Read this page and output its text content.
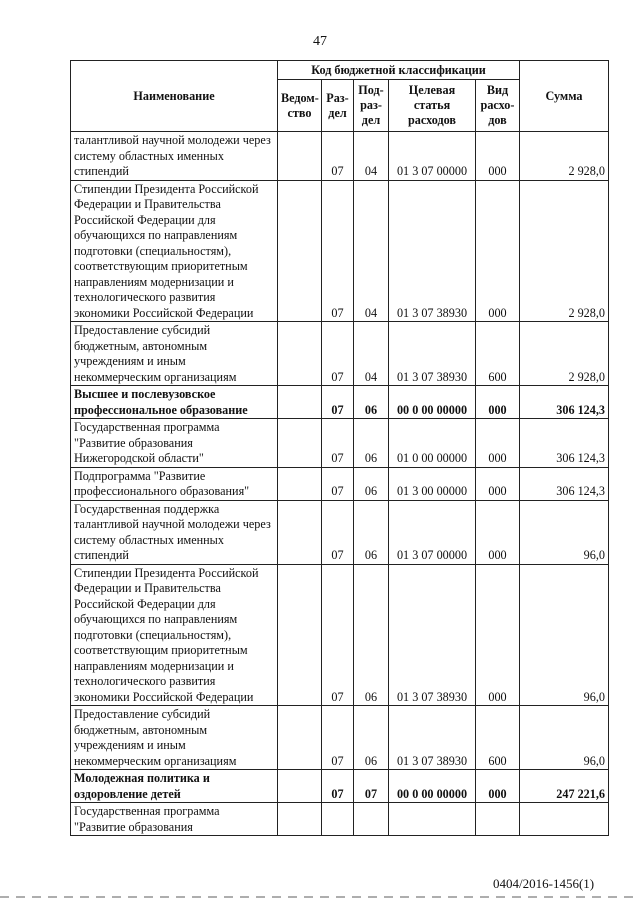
47
Наименование	Код бюджетной классификации					Сумма
	Ведом-ство	Раз-дел	Под-раз-дел	Целевая статья расходов	Вид расхо-дов	
талантливой научной молодежи через систему областных именных стипендий		07	04	01 3 07 00000	000	2 928,0
Стипендии Президента Российской Федерации и Правительства Российской Федерации для обучающихся по направлениям подготовки (специальностям), соответствующим приоритетным направлениям модернизации и технологического развития экономики Российской Федерации		07	04	01 3 07 38930	000	2 928,0
Предоставление субсидий бюджетным, автономным учреждениям и иным некоммерческим организациям		07	04	01 3 07 38930	600	2 928,0
Высшее и послевузовское профессиональное образование		07	06	00 0 00 00000	000	306 124,3
Государственная программа "Развитие образования Нижегородской области"		07	06	01 0 00 00000	000	306 124,3
Подпрограмма "Развитие профессионального образования"		07	06	01 3 00 00000	000	306 124,3
Государственная поддержка талантливой научной молодежи через систему областных именных стипендий		07	06	01 3 07 00000	000	96,0
Стипендии Президента Российской Федерации и Правительства Российской Федерации для обучающихся по направлениям подготовки (специальностям), соответствующим приоритетным направлениям модернизации и технологического развития экономики Российской Федерации		07	06	01 3 07 38930	000	96,0
Предоставление субсидий бюджетным, автономным учреждениям и иным некоммерческим организациям		07	06	01 3 07 38930	600	96,0
Молодежная политика и оздоровление детей		07	07	00 0 00 00000	000	247 221,6
Государственная программа "Развитие образования						
0404/2016-1456(1)
